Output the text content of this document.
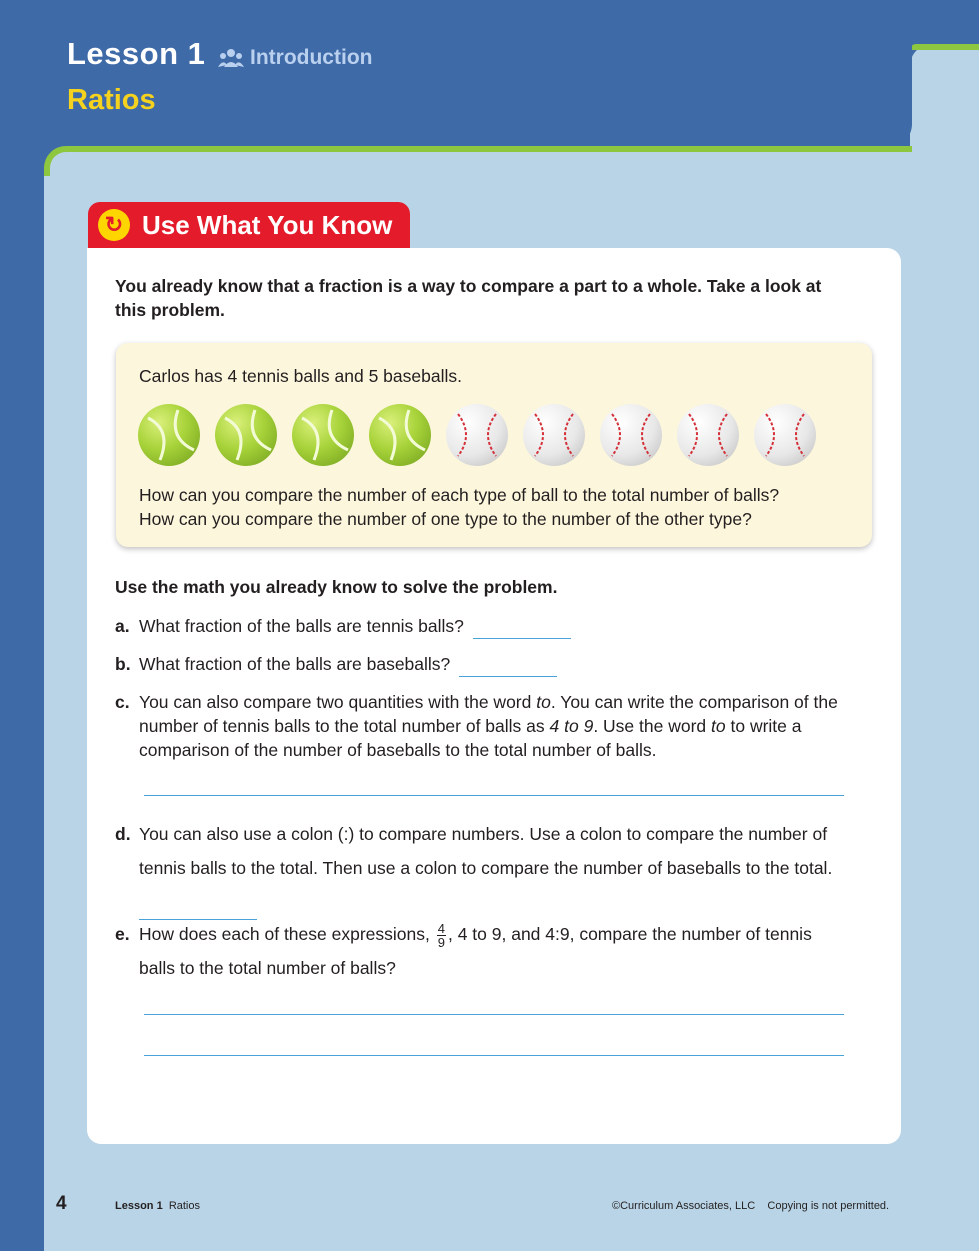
Lesson 1 Introduction
Ratios
↻ Use What You Know
You already know that a fraction is a way to compare a part to a whole. Take a look at this problem.
Carlos has 4 tennis balls and 5 baseballs.
How can you compare the number of each type of ball to the total number of balls?
How can you compare the number of one type to the number of the other type?
Use the math you already know to solve the problem.
a. What fraction of the balls are tennis balls?
b. What fraction of the balls are baseballs?
c. You can also compare two quantities with the word to. You can write the comparison of the number of tennis balls to the total number of balls as 4 to 9. Use the word to to write a comparison of the number of baseballs to the total number of balls.
d. You can also use a colon (:) to compare numbers. Use a colon to compare the number of tennis balls to the total. Then use a colon to compare the number of baseballs to the total.
e. How does each of these expressions, $\frac{4}{9}$ , 4 to 9, and 4:9, compare the number of tennis balls to the total number of balls?
4	Lesson 1 Ratios	©Curriculum Associates, LLC    Copying is not permitted.
